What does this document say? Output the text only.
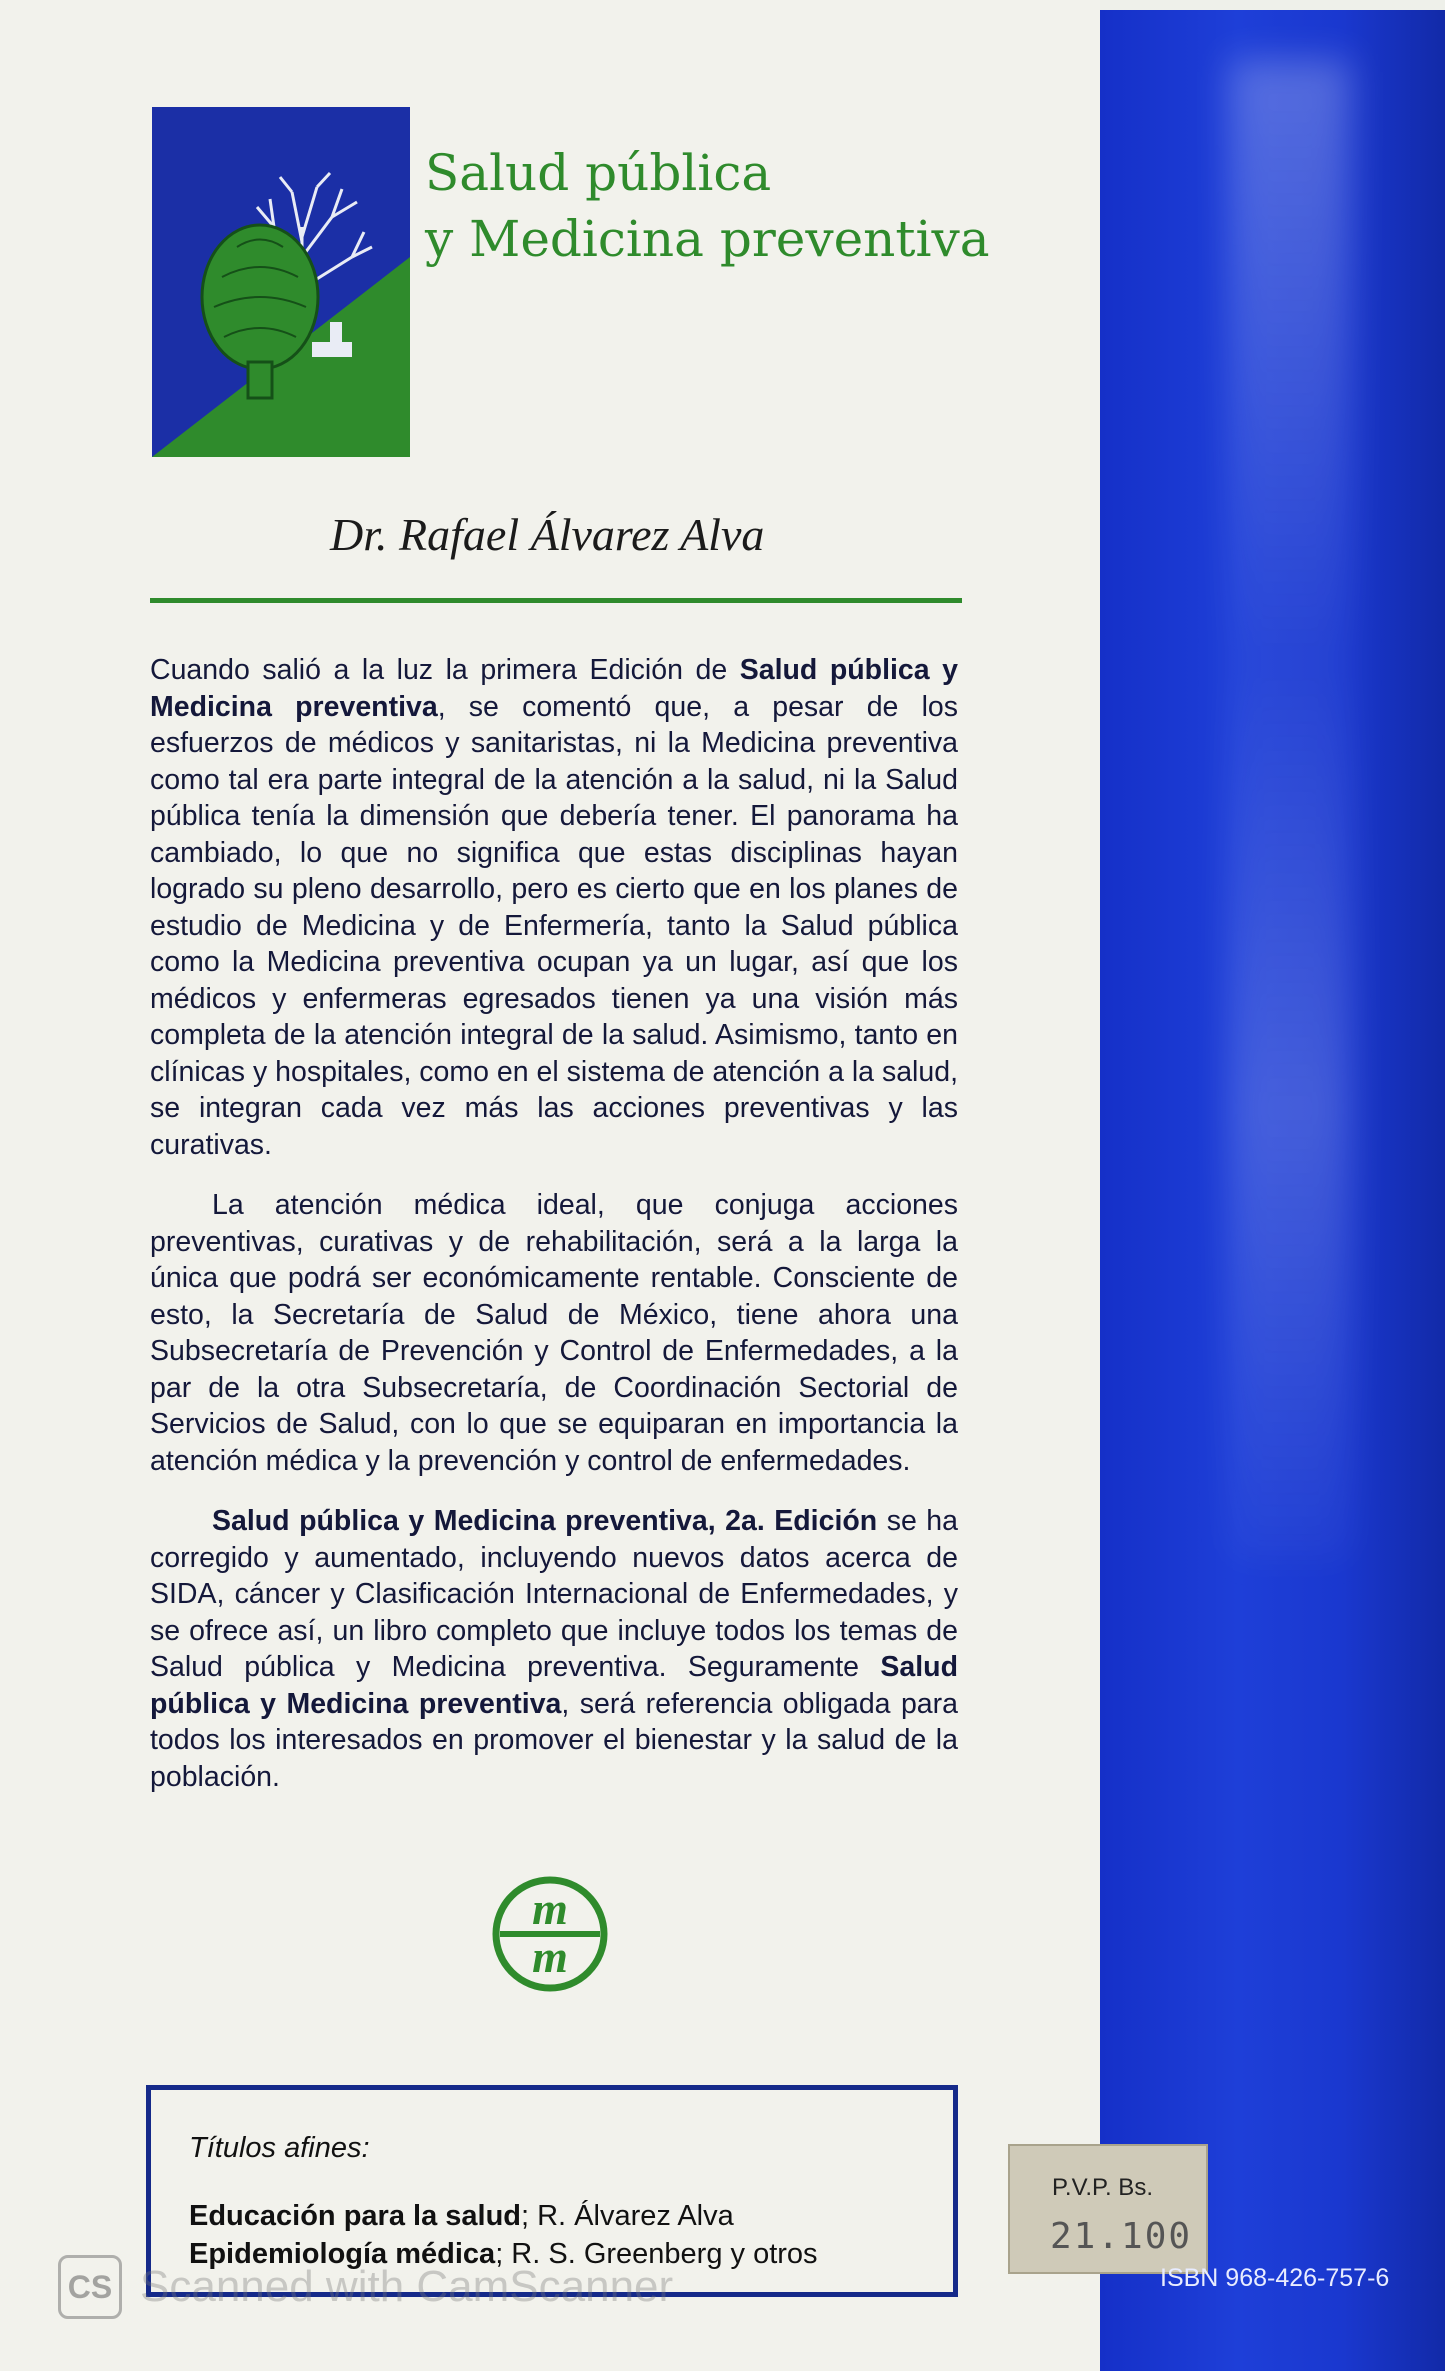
Salud pública
y Medicina preventiva
Dr. Rafael Álvarez Alva

Cuando salió a la luz la primera Edición de Salud pública y Medicina preventiva, se comentó que, a pesar de los esfuerzos de médicos y sanitaristas, ni la Medicina preventiva como tal era parte integral de la atención a la salud, ni la Salud pública tenía la dimensión que debería tener. El panorama ha cambiado, lo que no significa que estas disciplinas hayan logrado su pleno desarrollo, pero es cierto que en los planes de estudio de Medicina y de Enfermería, tanto la Salud pública como la Medicina preventiva ocupan ya un lugar, así que los médicos y enfermeras egresados tienen ya una visión más completa de la atención integral de la salud. Asimismo, tanto en clínicas y hospitales, como en el sistema de atención a la salud, se integran cada vez más las acciones preventivas y las curativas.

La atención médica ideal, que conjuga acciones preventivas, curativas y de rehabilitación, será a la larga la única que podrá ser económicamente rentable. Consciente de esto, la Secretaría de Salud de México, tiene ahora una Subsecretaría de Prevención y Control de Enfermedades, a la par de la otra Subsecretaría, de Coordinación Sectorial de Servicios de Salud, con lo que se equiparan en importancia la atención médica y la prevención y control de enfermedades.

Salud pública y Medicina preventiva, 2a. Edición se ha corregido y aumentado, incluyendo nuevos datos acerca de SIDA, cáncer y Clasificación Internacional de Enfermedades, y se ofrece así, un libro completo que incluye todos los temas de Salud pública y Medicina preventiva. Seguramente Salud pública y Medicina preventiva, será referencia obligada para todos los interesados en promover el bienestar y la salud de la población.

m
m
Títulos afines:
Educación para la salud; R. Álvarez Alva
Epidemiología médica; R. S. Greenberg y otros
P.V.P. Bs.
21.100
ISBN 968-426-757-6
CS Scanned with CamScanner
